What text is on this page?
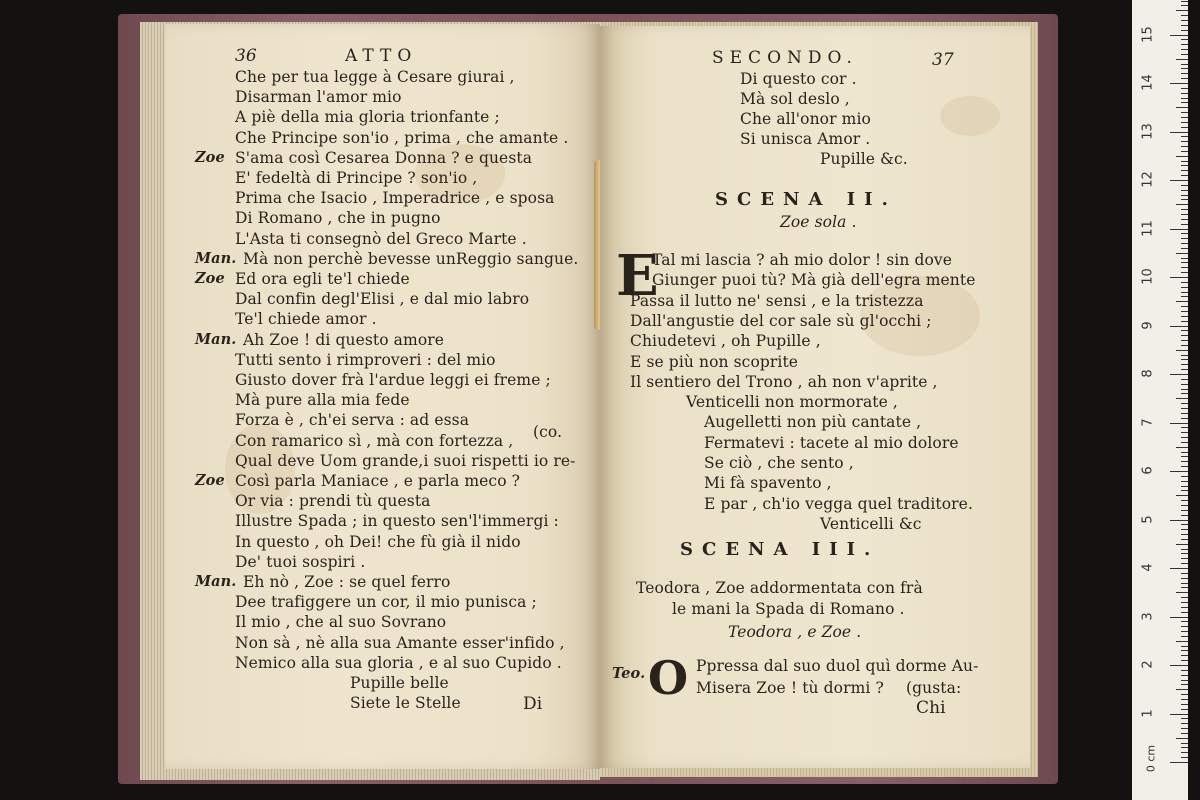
36	ATTO
Che per tua legge à Cesare giurai ,
Disarman l'amor mio
A piè della mia gloria trionfante ;
Che Principe son'io , prima , che amante .
Zoe S'ama così Cesarea Donna ? e questa
E' fedeltà di Principe ? son'io ,
Prima che Isacio , Imperadrice , e sposa
Di Romano , che in pugno
L'Asta ti consegnò del Greco Marte .
Man. Mà non perchè bevesse unReggio sangue.
Zoe Ed ora egli te'l chiede
Dal confin degl'Elisi , e dal mio labro
Te'l chiede amor .
Man. Ah Zoe ! di questo amore
Tutti sento i rimproveri : del mio
Giusto dover frà l'ardue leggi ei freme ;
Mà pure alla mia fede
Forza è , ch'ei serva : ad essa
Con ramarico sì , mà con fortezza ,
Qual deve Uom grande,i suoi rispetti io re-
Zoe Così parla Maniace , e parla meco ?
Or via : prendi tù questa
Illustre Spada ; in questo sen'l'immergi :
In questo , oh Dei! che fù già il nido
De' tuoi sospiri .
Man. Eh nò , Zoe : se quel ferro
Dee trafiggere un cor, il mio punisca ;
Il mio , che al suo Sovrano
Non sà , nè alla sua Amante esser'infido ,
Nemico alla sua gloria , e al suo Cupido .
Pupille belle
Siete le Stelle
(co.
Di
SECONDO.	37
Di questo cor .
Mà sol deslo ,
Che all'onor mio
Si unisca Amor .
Pupille &c.
SCENA II.
Zoe sola .
E
Tal mi lascia ? ah mio dolor ! sin dove
Giunger puoi tù? Mà già dell'egra mente
Passa il lutto ne' sensi , e la tristezza
Dall'angustie del cor sale sù gl'occhi ;
Chiudetevi , oh Pupille ,
E se più non scoprite
Il sentiero del Trono , ah non v'aprite ,
Venticelli non mormorate ,
Augelletti non più cantate ,
Fermatevi : tacete al mio dolore
Se ciò , che sento ,
Mi fà spavento ,
E par , ch'io vegga quel traditore.
Venticelli &c
SCENA III.
Teodora , Zoe addormentata con frà
le mani la Spada di Romano .
Teodora , e Zoe .
Teo. O Ppressa dal suo duol quì dorme Au-
Misera Zoe ! tù dormi ? (gusta:
Chi	1
2
3
4
5
6
7
8
9
10
11
12
13
14
15
0 cm
